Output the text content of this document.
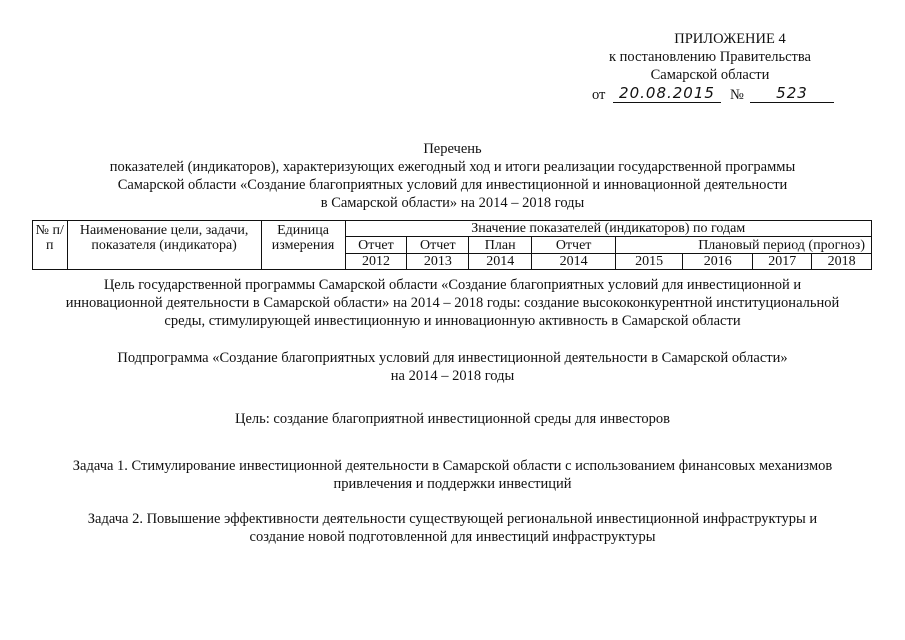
ПРИЛОЖЕНИЕ 4
к постановлению Правительства
Самарской области
от 20.08.2015	№	523
Перечень
показателей (индикаторов), характеризующих ежегодный ход и итоги реализации государственной программы
Самарской области «Создание благоприятных условий для инвестиционной и инновационной деятельности
в Самарской области» на 2014 – 2018 годы
№ п/п	Наименование цели, задачи, показателя (индикатора)	Единица измерения	Значение показателей (индикаторов) по годам							
			Отчет	Отчет	План	Отчет	Плановый период (прогноз)			
			2012	2013	2014	2014	2015	2016	2017	2018
Цель государственной программы Самарской области «Создание благоприятных условий для инвестиционной и
инновационной деятельности в Самарской области» на 2014 – 2018 годы: создание высококонкурентной институциональной
среды, стимулирующей инвестиционную и инновационную активность в Самарской области
Подпрограмма «Создание благоприятных условий для инвестиционной деятельности в Самарской области»
на 2014 – 2018 годы
Цель: создание благоприятной инвестиционной среды для инвесторов
Задача 1. Стимулирование инвестиционной деятельности в Самарской области с использованием финансовых механизмов
привлечения и поддержки инвестиций
Задача 2. Повышение эффективности деятельности существующей региональной инвестиционной инфраструктуры и
создание новой подготовленной для инвестиций инфраструктуры
